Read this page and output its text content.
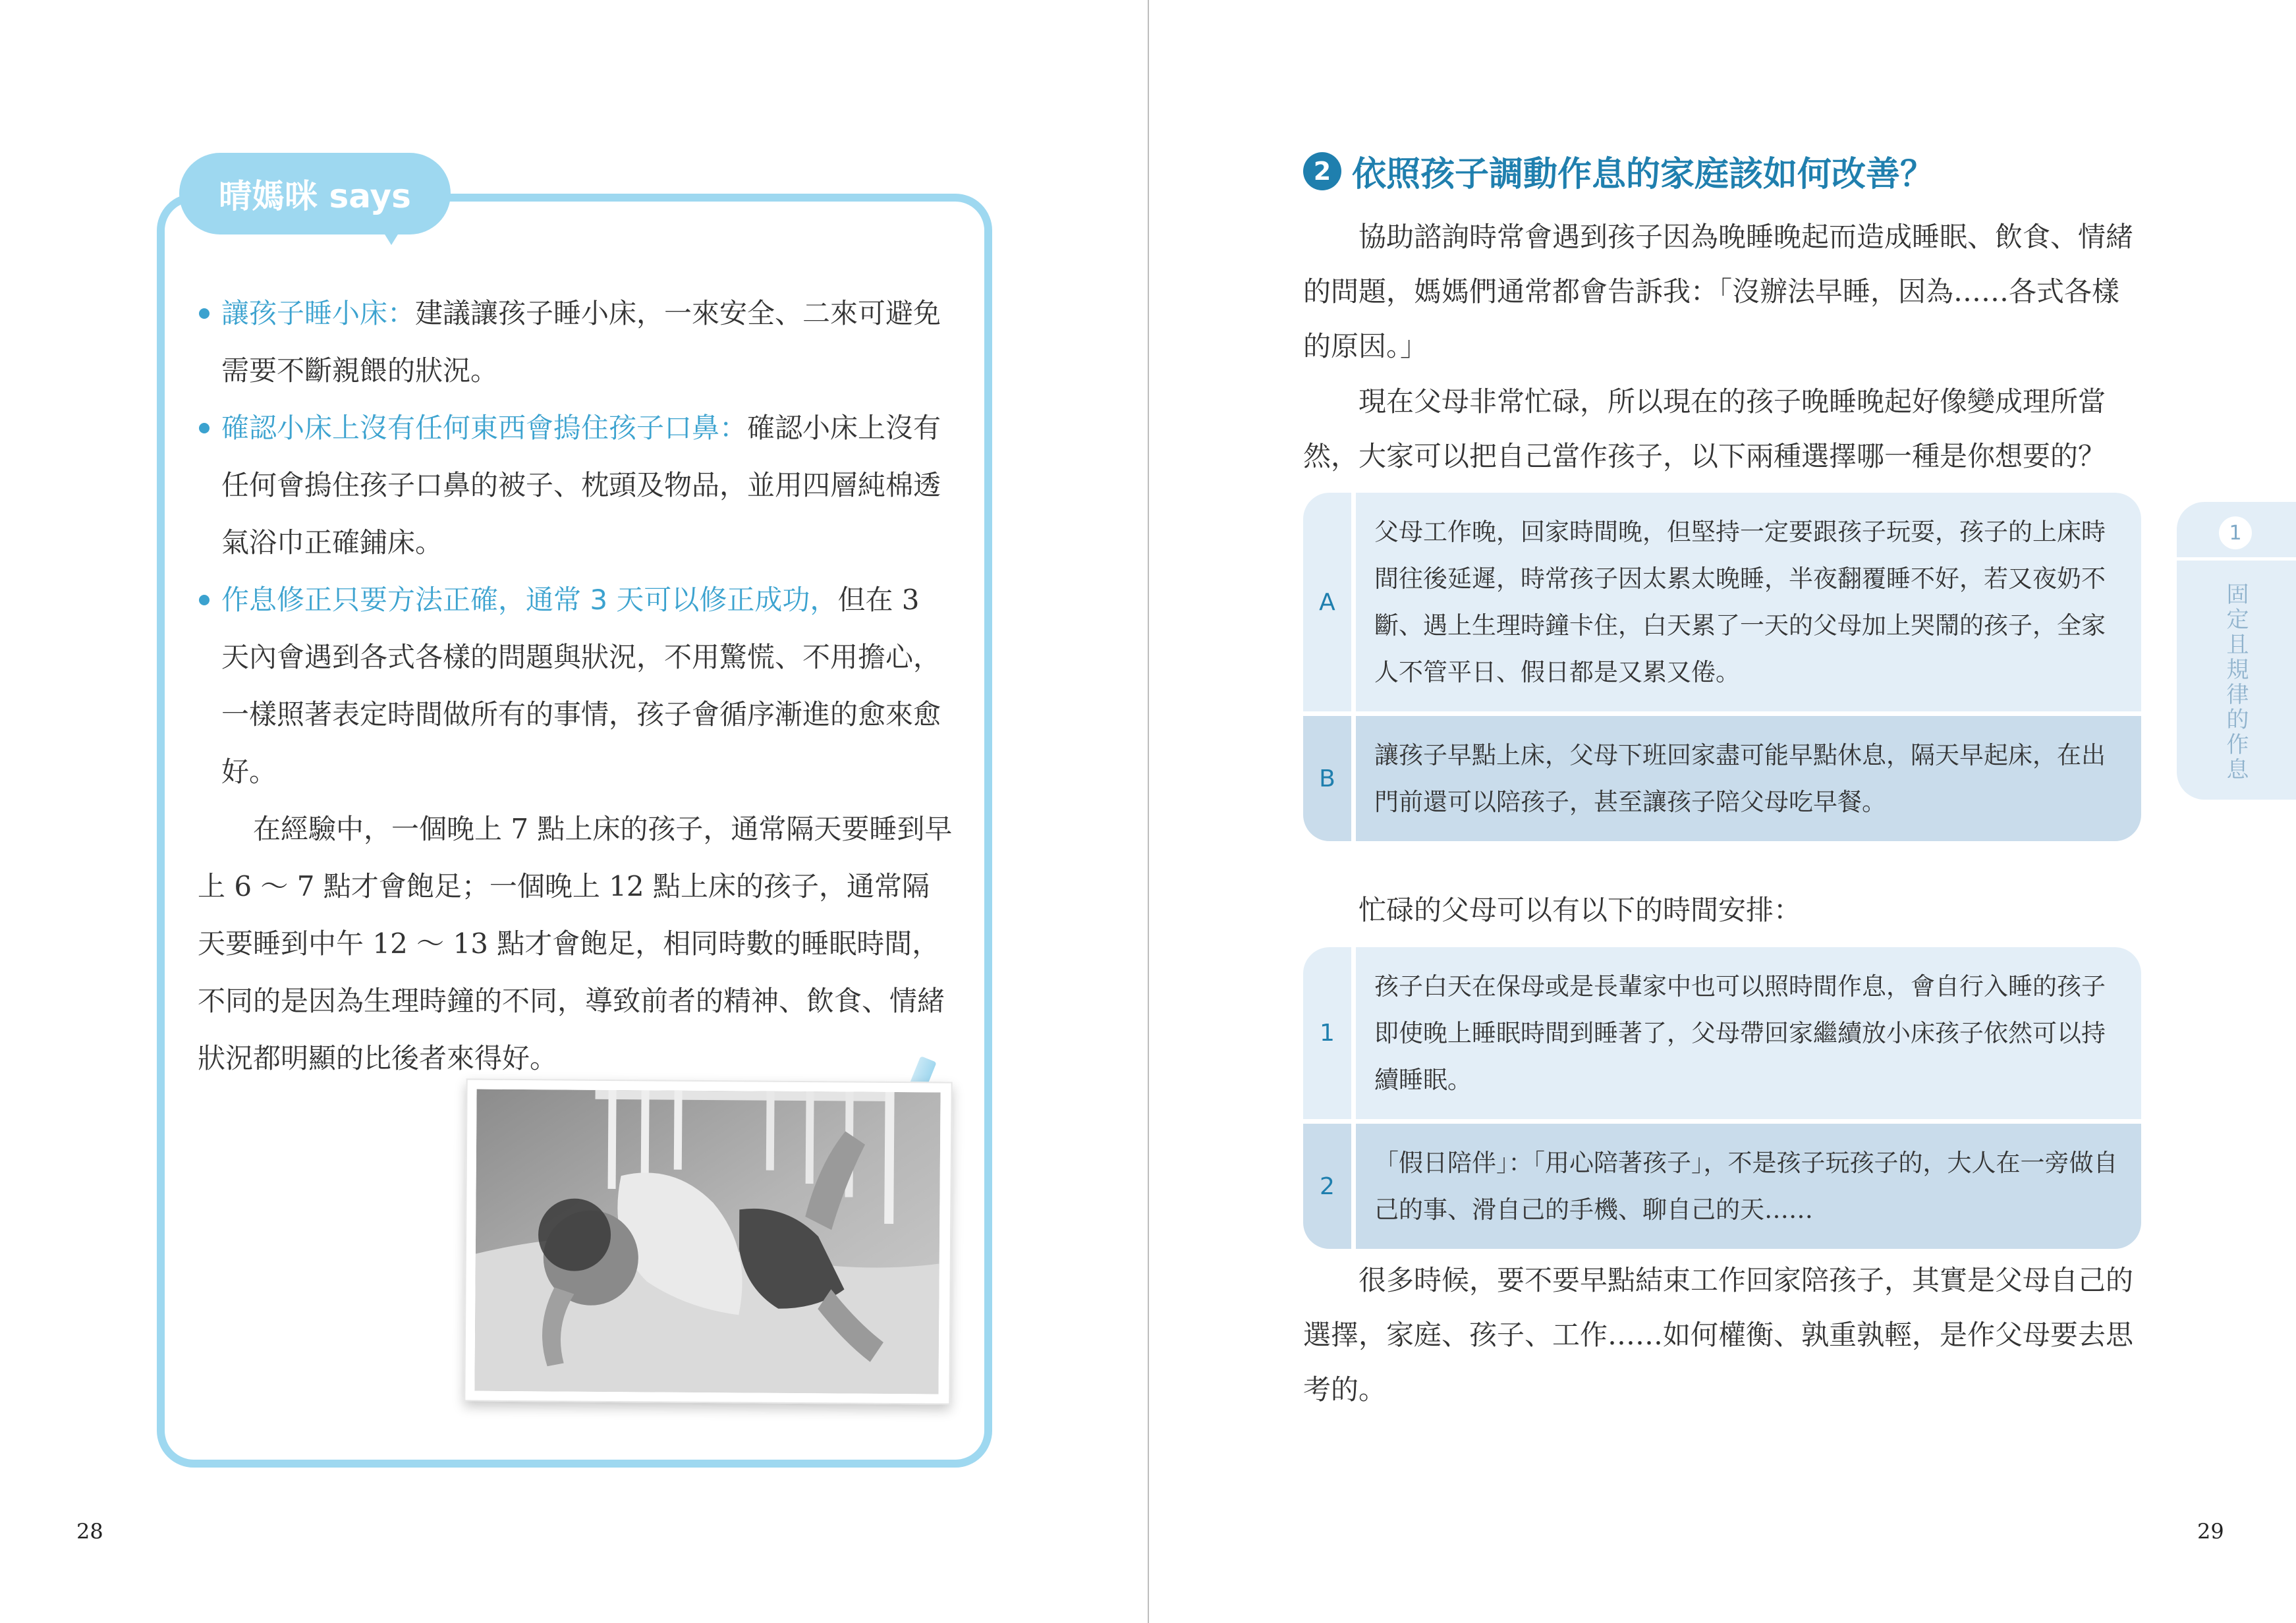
晴媽咪 says
讓孩子睡小床：建議讓孩子睡小床，一來安全、二來可避免需要不斷親餵的狀況。
確認小床上沒有任何東西會摀住孩子口鼻：確認小床上沒有任何會摀住孩子口鼻的被子、枕頭及物品，並用四層純棉透氣浴巾正確鋪床。
作息修正只要方法正確，通常 3 天可以修正成功，但在 3 天內會遇到各式各樣的問題與狀況，不用驚慌、不用擔心，一樣照著表定時間做所有的事情，孩子會循序漸進的愈來愈好。

在經驗中，一個晚上 7 點上床的孩子，通常隔天要睡到早上 6 ～ 7 點才會飽足；一個晚上 12 點上床的孩子，通常隔天要睡到中午 12 ～ 13 點才會飽足，相同時數的睡眠時間，不同的是因為生理時鐘的不同，導致前者的精神、飲食、情緒狀況都明顯的比後者來得好。

28
2 依照孩子調動作息的家庭該如何改善？

協助諮詢時常會遇到孩子因為晚睡晚起而造成睡眠、飲食、情緒的問題，媽媽們通常都會告訴我：「沒辦法早睡，因為……各式各樣的原因。」

現在父母非常忙碌，所以現在的孩子晚睡晚起好像變成理所當然，大家可以把自己當作孩子，以下兩種選擇哪一種是你想要的？

A
父母工作晚，回家時間晚，但堅持一定要跟孩子玩耍，孩子的上床時間往後延遲，時常孩子因太累太晚睡，半夜翻覆睡不好，若又夜奶不斷、遇上生理時鐘卡住，白天累了一天的父母加上哭鬧的孩子，全家人不管平日、假日都是又累又倦。
B
讓孩子早點上床，父母下班回家盡可能早點休息，隔天早起床，在出門前還可以陪孩子，甚至讓孩子陪父母吃早餐。

忙碌的父母可以有以下的時間安排：

1
孩子白天在保母或是長輩家中也可以照時間作息，會自行入睡的孩子即使晚上睡眠時間到睡著了，父母帶回家繼續放小床孩子依然可以持續睡眠。
2
「假日陪伴」：「用心陪著孩子」，不是孩子玩孩子的，大人在一旁做自己的事、滑自己的手機、聊自己的天……

很多時候，要不要早點結束工作回家陪孩子，其實是父母自己的選擇，家庭、孩子、工作……如何權衡、孰重孰輕，是作父母要去思考的。

1
固定且規律的作息
29
